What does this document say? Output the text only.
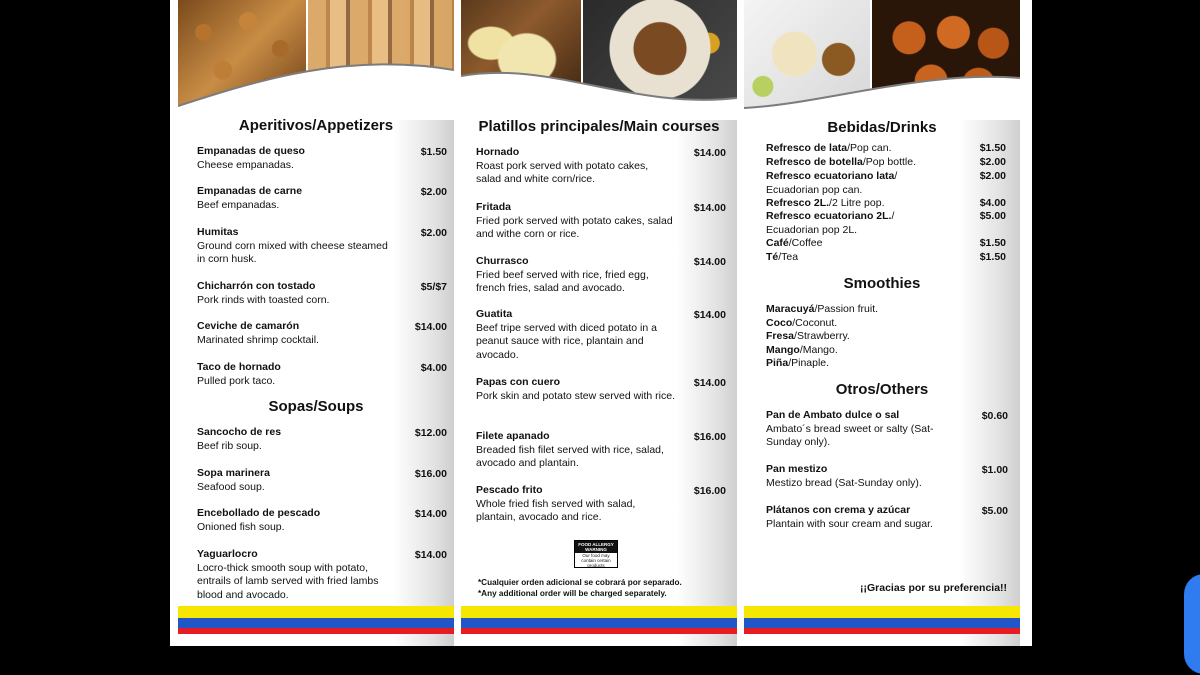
Aperitivos/Appetizers
Empanadas de queso
Cheese empanadas.
$1.50
Empanadas de carne
Beef empanadas.
$2.00
Humitas
Ground corn mixed with cheese steamed in corn husk.
$2.00
Chicharrón con tostado
Pork rinds with toasted corn.
$5/$7
Ceviche de camarón
Marinated shrimp cocktail.
$14.00
Taco de hornado
Pulled pork taco.
$4.00
Sopas/Soups
Sancocho de res
Beef rib soup.
$12.00
Sopa marinera
Seafood soup.
$16.00
Encebollado de pescado
Onioned fish soup.
$14.00
Yaguarlocro
Locro-thick smooth soup with potato, entrails of lamb served with fried lambs blood and avocado.
$14.00
Platillos principales/Main courses
Hornado
Roast pork served with potato cakes, salad and white corn/rice.
$14.00
Fritada
Fried pork served with potato cakes, salad and withe corn or rice.
$14.00
Churrasco
Fried beef served with rice, fried egg, french fries, salad and avocado.
$14.00
Guatita
Beef tripe served with diced potato in a peanut sauce with rice, plantain and avocado.
$14.00
Papas con cuero
Pork skin and potato stew served with rice.
$14.00
Filete apanado
Breaded fish filet served with rice, salad, avocado and plantain.
$16.00
Pescado frito
Whole fried fish served with salad, plantain, avocado and rice.
$16.00
FOOD ALLERGY WARNING
Our food may contain certain products
*Cualquier orden adicional se cobrará por separado.
*Any additional order will be charged separately.
Bebidas/Drinks
Refresco de lata/Pop can.	$1.50
Refresco de botella/Pop bottle.	$2.00
Refresco ecuatoriano lata/ Ecuadorian pop can.
$2.00
Refresco 2L./2 Litre pop.	$4.00
Refresco ecuatoriano 2L./ Ecuadorian pop 2L.
$5.00
Café/Coffee	$1.50
Té/Tea	$1.50
Smoothies
Maracuyá/Passion fruit.
Coco/Coconut.
Fresa/Strawberry.
Mango/Mango.
Piña/Pinaple.
Otros/Others
Pan de Ambato dulce o sal
Ambato´s bread sweet or salty (Sat-Sunday only).
$0.60
Pan mestizo
Mestizo bread (Sat-Sunday only).
$1.00
Plátanos con crema y azúcar
Plantain with sour cream and sugar.
$5.00
¡¡Gracias por su preferencia!!
